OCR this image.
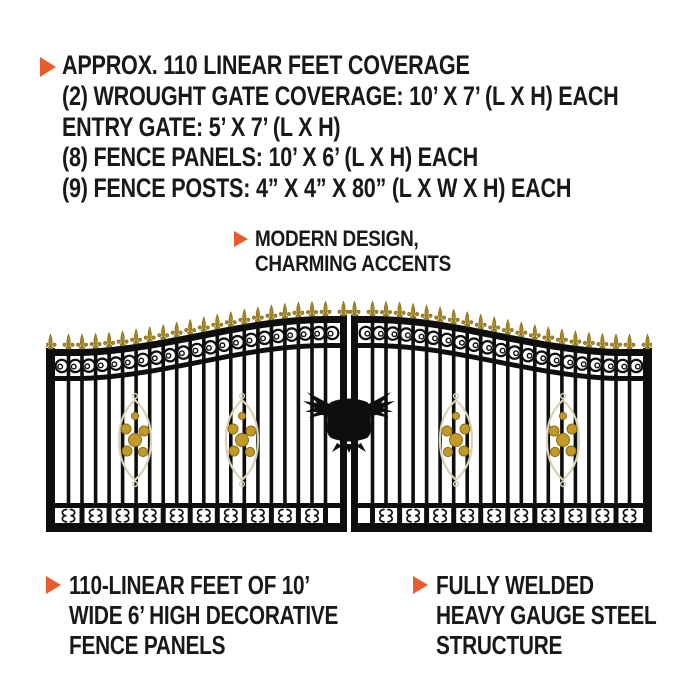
APPROX. 110 LINEAR FEET COVERAGE
(2) WROUGHT GATE COVERAGE: 10’ X 7’ (L X H) EACH
ENTRY GATE: 5’ X 7’ (L X H)
(8) FENCE PANELS: 10’ X 6’ (L X H) EACH
(9) FENCE POSTS: 4” X 4” X 80” (L X W X H) EACH
MODERN DESIGN,
CHARMING ACCENTS
110-LINEAR FEET OF 10’
WIDE 6’ HIGH DECORATIVE
FENCE PANELS
FULLY WELDED
HEAVY GAUGE STEEL
STRUCTURE
